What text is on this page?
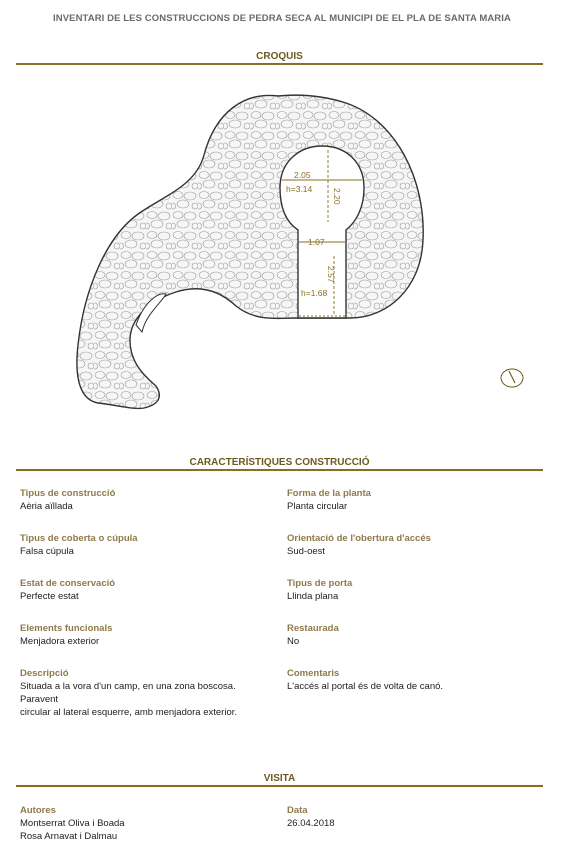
INVENTARI DE LES CONSTRUCCIONS DE PEDRA SECA AL MUNICIPI DE EL PLA DE SANTA MARIA
CROQUIS
2.05
h=3.14 2.20
1.07
2.57
h=1.68
CARACTERÍSTIQUES CONSTRUCCIÓ
Tipus de construcció
Aèria aïllada
Forma de la planta
Planta circular
Tipus de coberta o cúpula
Falsa cúpula
Orientació de l'obertura d'accés
Sud-oest
Estat de conservació
Perfecte estat
Tipus de porta
Llinda plana
Elements funcionals
Menjadora exterior
Restaurada
No
Descripció
Situada a la vora d'un camp, en una zona boscosa. Paravent
circular al lateral esquerre, amb menjadora exterior.
Comentaris
L'accés al portal és de volta de canó.
VISITA
Autores
Montserrat Oliva i Boada
Rosa Arnavat i Dalmau
Data
26.04.2018
